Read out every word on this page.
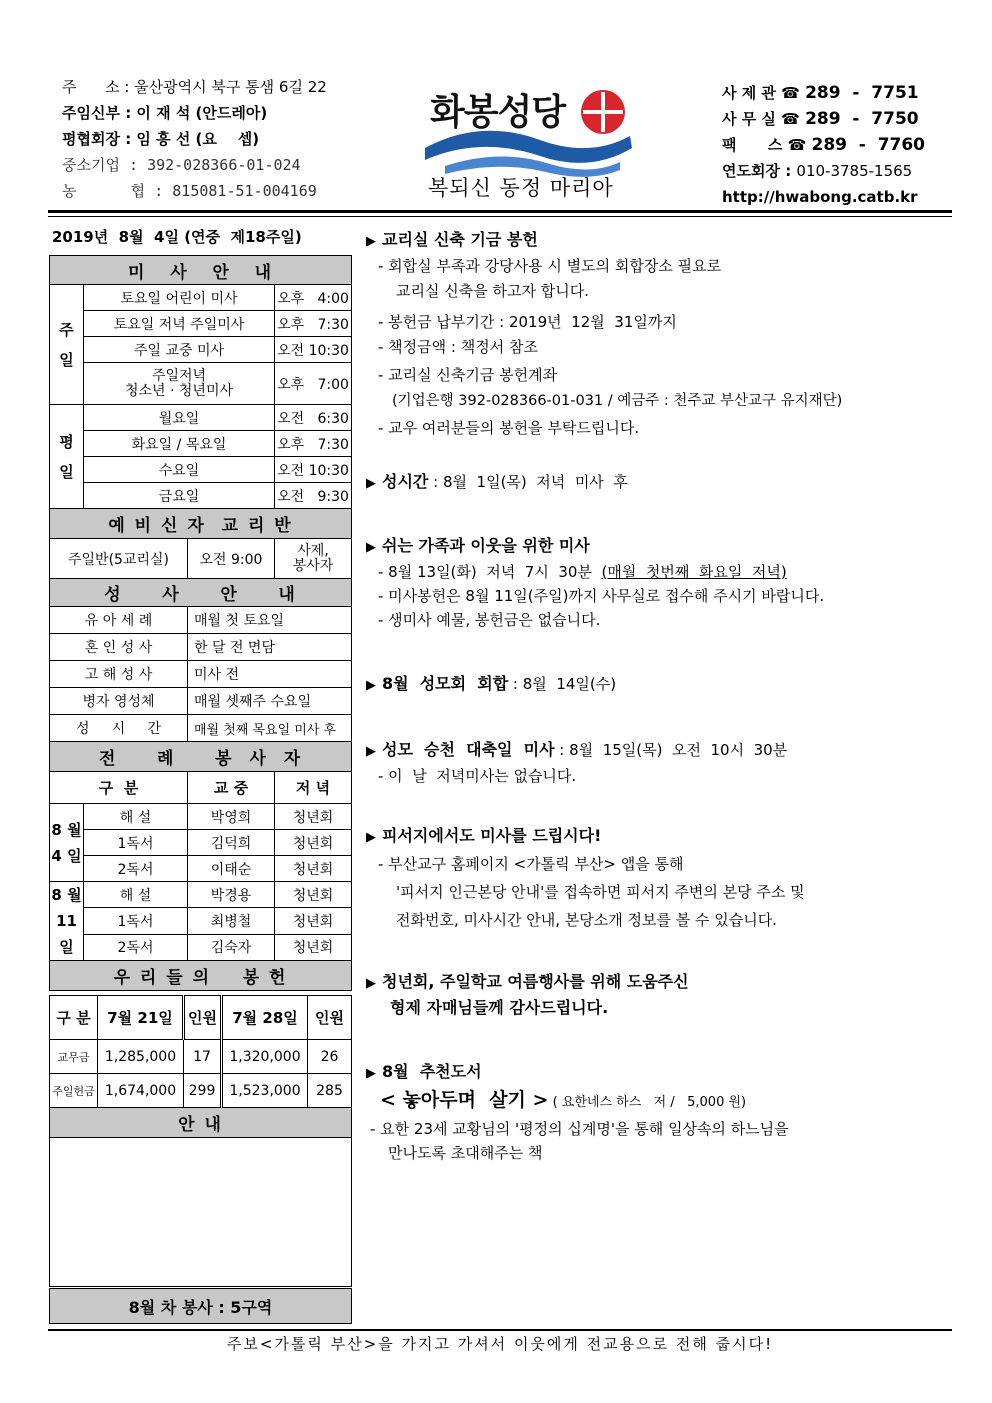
주      소 : 울산광역시 북구 통샘 6길 22
주임신부 : 이 재 석 (안드레아)
평협회장 : 임 흥 선 (요    셉)
중소기업 : 392-028366-01-024
농      협 : 815081-51-004169
화봉성당
복되신 동정 마리아
사 제 관 ☎ 289  -  7751
사 무 실 ☎ 289  -  7750
팩      스 ☎ 289  -  7760
연도회장 : 010-3785-1565
http://hwabong.catb.kr
2019년  8월  4일 (연중  제18주일)
미   사   안   내			
주
일	토요일 어린이 미사		오후   4:00
	토요일 저녁 주일미사		오후   7:30
	주일 교중 미사		오전 10:30
	주일저녁
청소년 · 청년미사		오후   7:00
평
일	월요일		오전   6:30
	화요일 / 목요일		오후   7:30
	수요일		오전 10:30
	금요일		오전   9:30
예 비 신 자  교 리 반			
주일반(5교리실)		오전 9:00	사제,
봉사자
성     사     안     내			
유 아 세 례		매월 첫 토요일	
혼 인 성 사		한 달 전 면담	
고 해 성 사		미사 전	
병자 영성체		매월 셋째주 수요일	
성     시     간		매월 첫째 목요일 미사 후	
전     례     봉  사  자			
구  분		교 중	저 녁
8 월
4 일	해 설	박영희	청년회
	1독서	김덕희	청년회
	2독서	이태순	청년회
8 월
11 일	해 설	박경용	청년회
	1독서	최병철	청년회
	2독서	김숙자	청년회
우 리 들 의    봉 헌			
구 분	7월 21일	인원	7월 28일	인원
교무금	1,285,000	17	1,320,000	26
주일헌금	1,674,000	299	1,523,000	285
안 내				

8월 차 봉사 : 5구역				
▶ 교리실 신축 기금 봉헌
- 회합실 부족과 강당사용 시 별도의 회합장소 필요로
교리실 신축을 하고자 합니다.
- 봉헌금 납부기간 : 2019년  12월  31일까지
- 책정금액 : 책정서 참조
- 교리실 신축기금 봉헌계좌
(기업은행 392-028366-01-031 / 예금주 : 천주교 부산교구 유지재단)
- 교우 여러분들의 봉헌을 부탁드립니다.
▶ 성시간 : 8월  1일(목)  저녁  미사  후
▶ 쉬는 가족과 이웃을 위한 미사
- 8월 13일(화)  저녁  7시  30분  (매월  첫번째  화요일  저녁)
- 미사봉헌은 8월 11일(주일)까지 사무실로 접수해 주시기 바랍니다.
- 생미사 예물, 봉헌금은 없습니다.
▶ 8월  성모회  회합 : 8월  14일(수)
▶ 성모  승천  대축일  미사 : 8월  15일(목)  오전  10시  30분
- 이  날  저녁미사는 없습니다.
▶ 피서지에서도 미사를 드립시다!
- 부산교구 홈페이지 <가톨릭 부산> 앱을 통해
'피서지 인근본당 안내'를 접속하면 피서지 주변의 본당 주소 및
전화번호, 미사시간 안내, 본당소개 정보를 볼 수 있습니다.
▶ 청년회, 주일학교 여름행사를 위해 도움주신
형제 자매님들께 감사드립니다.
▶ 8월  추천도서
< 놓아두며  살기 > ( 요한네스 하스   저 /   5,000 원)
- 요한 23세 교황님의 '평정의 십계명'을 통해 일상속의 하느님을
만나도록 초대해주는 책
주보<가톨릭 부산>을 가지고 가셔서 이웃에게 전교용으로 전해 줍시다!
